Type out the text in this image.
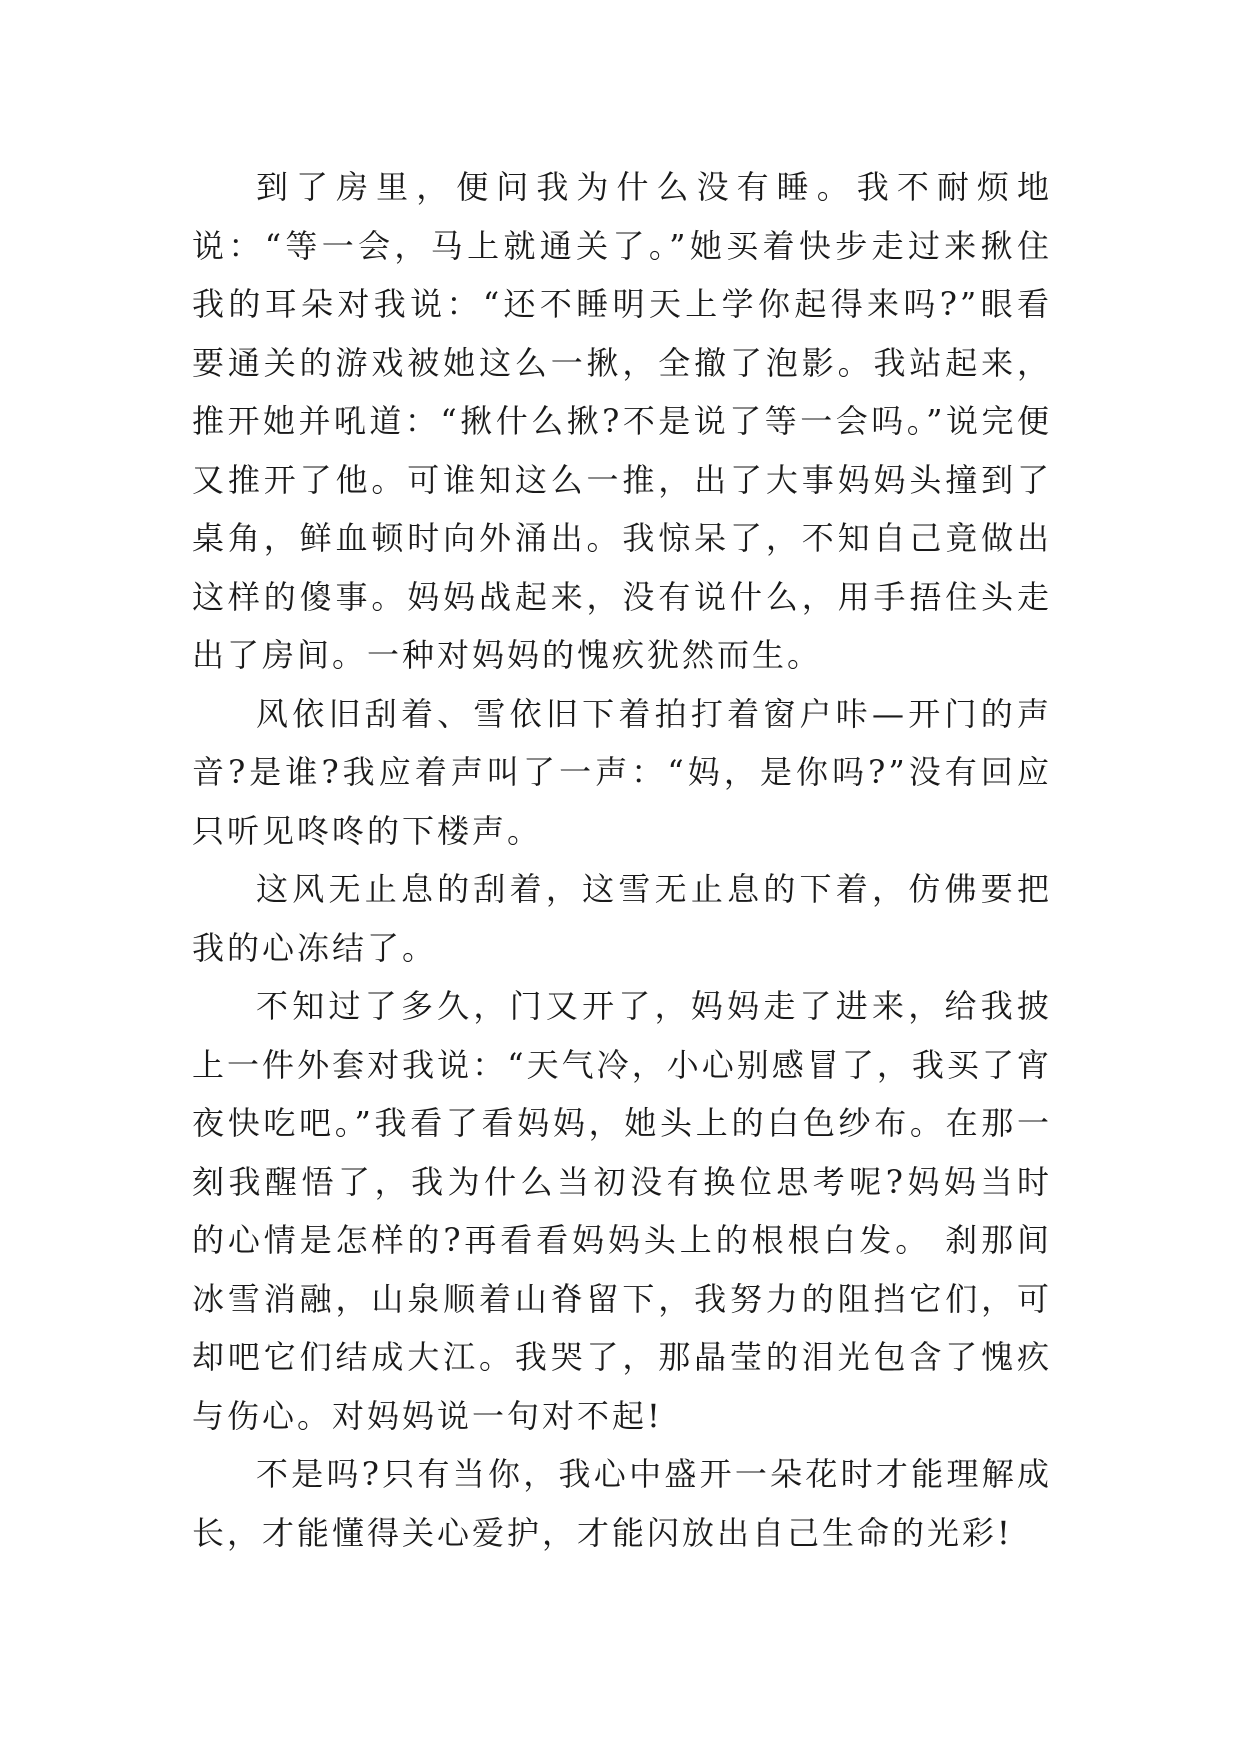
到了房里，便问我为什么没有睡。我不耐烦地说：“等一会，马上就通关了。”她买着快步走过来揪住我的耳朵对我说：“还不睡明天上学你起得来吗?”眼看要通关的游戏被她这么一揪，全撤了泡影。我站起来，推开她并吼道：“揪什么揪?不是说了等一会吗。”说完便又推开了他。可谁知这么一推，出了大事妈妈头撞到了桌角，鲜血顿时向外涌出。我惊呆了，不知自己竟做出这样的傻事。妈妈战起来，没有说什么，用手捂住头走出了房间。一种对妈妈的愧疚犹然而生。

风依旧刮着、雪依旧下着拍打着窗户咔—开门的声音?是谁?我应着声叫了一声：“妈，是你吗?”没有回应只听见咚咚的下楼声。

这风无止息的刮着，这雪无止息的下着，仿佛要把我的心冻结了。

不知过了多久，门又开了，妈妈走了进来，给我披上一件外套对我说：“天气冷，小心别感冒了，我买了宵夜快吃吧。”我看了看妈妈，她头上的白色纱布。在那一刻我醒悟了，我为什么当初没有换位思考呢?妈妈当时的心情是怎样的?再看看妈妈头上的根根白发。 刹那间冰雪消融，山泉顺着山脊留下，我努力的阻挡它们，可却吧它们结成大江。我哭了，那晶莹的泪光包含了愧疚与伤心。对妈妈说一句对不起!

不是吗?只有当你，我心中盛开一朵花时才能理解成长，才能懂得关心爱护，才能闪放出自己生命的光彩!
